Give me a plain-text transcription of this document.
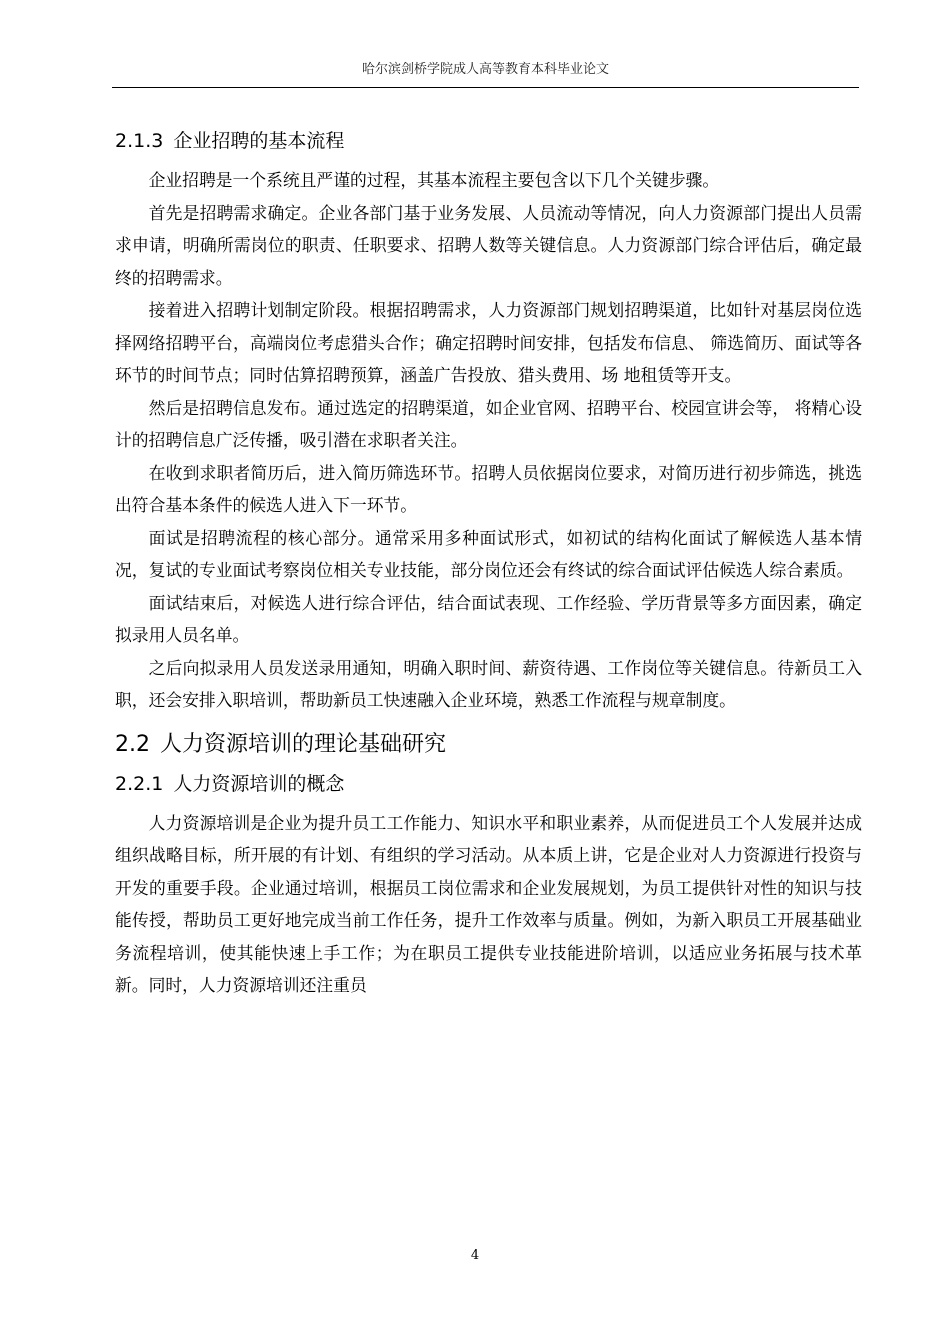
哈尔滨剑桥学院成人高等教育本科毕业论文
2.1.3 企业招聘的基本流程

企业招聘是一个系统且严谨的过程，其基本流程主要包含以下几个关键步骤。

首先是招聘需求确定。企业各部门基于业务发展、人员流动等情况，向人力资源部门提出人员需求申请，明确所需岗位的职责、任职要求、招聘人数等关键信息。人力资源部门综合评估后，确定最终的招聘需求。

接着进入招聘计划制定阶段。根据招聘需求，人力资源部门规划招聘渠道，比如针对基层岗位选择网络招聘平台，高端岗位考虑猎头合作；确定招聘时间安排，包括发布信息、 筛选简历、面试等各环节的时间节点；同时估算招聘预算，涵盖广告投放、猎头费用、场 地租赁等开支。

然后是招聘信息发布。通过选定的招聘渠道，如企业官网、招聘平台、校园宣讲会等， 将精心设计的招聘信息广泛传播，吸引潜在求职者关注。

在收到求职者简历后，进入简历筛选环节。招聘人员依据岗位要求，对简历进行初步筛选，挑选出符合基本条件的候选人进入下一环节。

面试是招聘流程的核心部分。通常采用多种面试形式，如初试的结构化面试了解候选人基本情况，复试的专业面试考察岗位相关专业技能，部分岗位还会有终试的综合面试评估候选人综合素质。

面试结束后，对候选人进行综合评估，结合面试表现、工作经验、学历背景等多方面因素，确定拟录用人员名单。

之后向拟录用人员发送录用通知，明确入职时间、薪资待遇、工作岗位等关键信息。待新员工入职，还会安排入职培训，帮助新员工快速融入企业环境，熟悉工作流程与规章制度。

2.2 人力资源培训的理论基础研究
2.2.1 人力资源培训的概念

人力资源培训是企业为提升员工工作能力、知识水平和职业素养，从而促进员工个人发展并达成组织战略目标，所开展的有计划、有组织的学习活动。从本质上讲，它是企业对人力资源进行投资与开发的重要手段。企业通过培训，根据员工岗位需求和企业发展规划，为员工提供针对性的知识与技能传授，帮助员工更好地完成当前工作任务，提升工作效率与质量。例如，为新入职员工开展基础业务流程培训，使其能快速上手工作；为在职员工提供专业技能进阶培训，以适应业务拓展与技术革新。同时，人力资源培训还注重员

4
